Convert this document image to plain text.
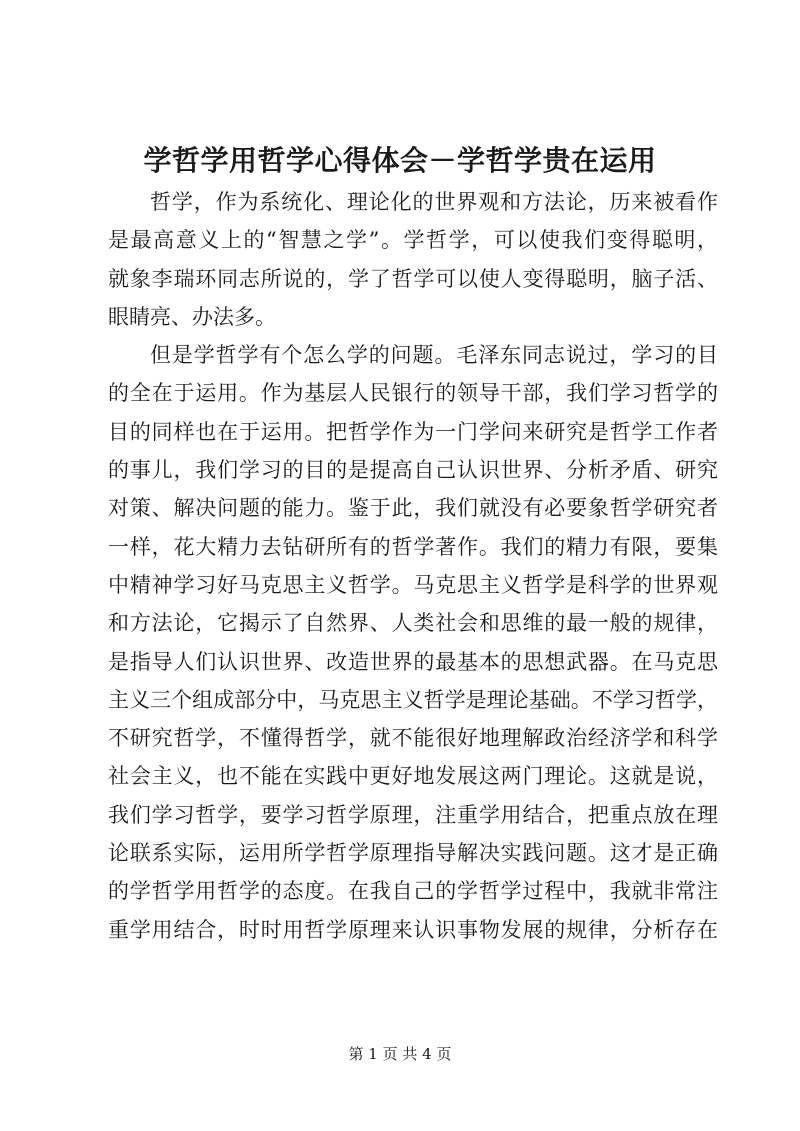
学哲学用哲学心得体会－学哲学贵在运用
哲学，作为系统化、理论化的世界观和方法论，历来被看作
是最高意义上的“智慧之学”。学哲学，可以使我们变得聪明，
就象李瑞环同志所说的，学了哲学可以使人变得聪明，脑子活、
眼睛亮、办法多。
但是学哲学有个怎么学的问题。毛泽东同志说过，学习的目
的全在于运用。作为基层人民银行的领导干部，我们学习哲学的
目的同样也在于运用。把哲学作为一门学问来研究是哲学工作者
的事儿，我们学习的目的是提高自己认识世界、分析矛盾、研究
对策、解决问题的能力。鉴于此，我们就没有必要象哲学研究者
一样，花大精力去钻研所有的哲学著作。我们的精力有限，要集
中精神学习好马克思主义哲学。马克思主义哲学是科学的世界观
和方法论，它揭示了自然界、人类社会和思维的最一般的规律，
是指导人们认识世界、改造世界的最基本的思想武器。在马克思
主义三个组成部分中，马克思主义哲学是理论基础。不学习哲学，
不研究哲学，不懂得哲学，就不能很好地理解政治经济学和科学
社会主义，也不能在实践中更好地发展这两门理论。这就是说，
我们学习哲学，要学习哲学原理，注重学用结合，把重点放在理
论联系实际，运用所学哲学原理指导解决实践问题。这才是正确
的学哲学用哲学的态度。在我自己的学哲学过程中，我就非常注
重学用结合，时时用哲学原理来认识事物发展的规律，分析存在
第 1 页 共 4 页
